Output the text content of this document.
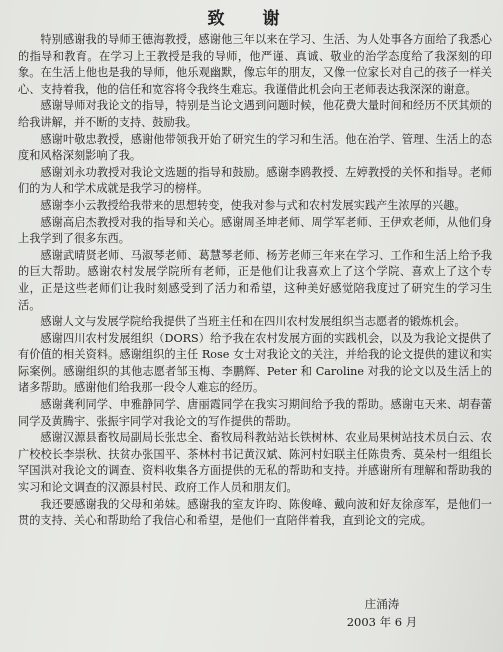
致 谢

特别感谢我的导师王德海教授，感谢他三年以来在学习、生活、为人处事各方面给了我悉心的指导和教育。在学习上王教授是我的导师，他严谨、真诚、敬业的治学态度给了我深刻的印象。在生活上他也是我的导师，他乐观幽默，像忘年的朋友，又像一位家长对自己的孩子一样关心、支持着我，他的信任和宽容将令我终生难忘。我谨借此机会向王老师表达我深深的谢意。

感谢导师对我论文的指导，特别是当论文遇到问题时候，他花费大量时间和经历不厌其烦的给我讲解，并不断的支持、鼓励我。

感谢叶敬忠教授，感谢他带领我开始了研究生的学习和生活。他在治学、管理、生活上的态度和风格深刻影响了我。

感谢刘永功教授对我论文选题的指导和鼓励。感谢李鸥教授、左婷教授的关怀和指导。老师们的为人和学术成就是我学习的榜样。

感谢李小云教授给我带来的思想转变，使我对参与式和农村发展实践产生浓厚的兴趣。

感谢高启杰教授对我的指导和关心。感谢周圣坤老师、周学军老师、王伊欢老师，从他们身上我学到了很多东西。

感谢武晴贤老师、马淑琴老师、葛慧琴老师、杨芳老师三年来在学习、工作和生活上给予我的巨大帮助。感谢农村发展学院所有老师，正是他们让我喜欢上了这个学院、喜欢上了这个专业，正是这些老师们让我时刻感受到了活力和希望，这种美好感觉陪我度过了研究生的学习生活。

感谢人文与发展学院给我提供了当班主任和在四川农村发展组织当志愿者的锻炼机会。

感谢四川农村发展组织（DORS）给予我在农村发展方面的实践机会，以及为我论文提供了有价值的相关资料。感谢组织的主任 Rose 女士对我论文的关注，并给我的论文提供的建议和实际案例。感谢组织的其他志愿者邹玉梅、李鹏辉、Peter 和 Caroline 对我的论文以及生活上的诸多帮助。感谢他们给我那一段令人难忘的经历。

感谢龚利同学、申雅静同学、唐丽霞同学在我实习期间给予我的帮助。感谢屯天来、胡春蕾同学及黄腾宇、张振宇同学对我论文的写作提供的帮助。

感谢汉源县畜牧局副局长张忠全、畜牧局科教站站长铁树林、农业局果树站技术员白云、农广校校长李崇秋、扶贫办张国平、茶林村书记黄汉斌、陈河村妇联主任陈贵秀、莫朵村一组组长罕国洪对我论文的调查、资料收集各方面提供的无私的帮助和支持。并感谢所有理解和帮助我的实习和论文调查的汉源县村民、政府工作人员和朋友们。

我还要感谢我的父母和弟妹。感谢我的室友许昀、陈俊峰、戴向波和好友徐彦军，是他们一贯的支持、关心和帮助给了我信心和希望，是他们一直陪伴着我，直到论文的完成。

庄涌涛
2003 年 6 月
